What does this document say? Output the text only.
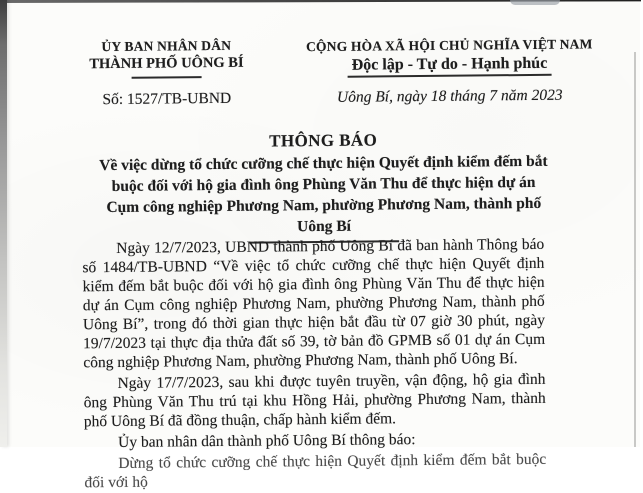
ỦY BAN NHÂN DÂN
THÀNH PHỐ UÔNG BÍ
Số: 1527/TB-UBND
CỘNG HÒA XÃ HỘI CHỦ NGHĨA VIỆT NAM
Độc lập - Tự do - Hạnh phúc
Uông Bí, ngày 18 tháng 7 năm 2023
THÔNG BÁO
Về việc dừng tổ chức cưỡng chế thực hiện Quyết định kiểm đếm bắt buộc đối với hộ gia đình ông Phùng Văn Thu để thực hiện dự án Cụm công nghiệp Phương Nam, phường Phương Nam, thành phố Uông Bí

Ngày 12/7/2023, UBND thành phố Uông Bí đã ban hành Thông báo số 1484/TB-UBND “Về việc tổ chức cưỡng chế thực hiện Quyết định kiểm đếm bắt buộc đối với hộ gia đình ông Phùng Văn Thu để thực hiện dự án Cụm công nghiệp Phương Nam, phường Phương Nam, thành phố Uông Bí”, trong đó thời gian thực hiện bắt đầu từ 07 giờ 30 phút, ngày 19/7/2023 tại thực địa thửa đất số 39, tờ bản đồ GPMB số 01 dự án Cụm công nghiệp Phương Nam, phường Phương Nam, thành phố Uông Bí.

Ngày 17/7/2023, sau khi được tuyên truyền, vận động, hộ gia đình ông Phùng Văn Thu trú tại khu Hồng Hải, phường Phương Nam, thành phố Uông Bí đã đồng thuận, chấp hành kiểm đếm.

Ủy ban nhân dân thành phố Uông Bí thông báo:

Dừng tổ chức cưỡng chế thực hiện Quyết định kiểm đếm bắt buộc đối với hộ
